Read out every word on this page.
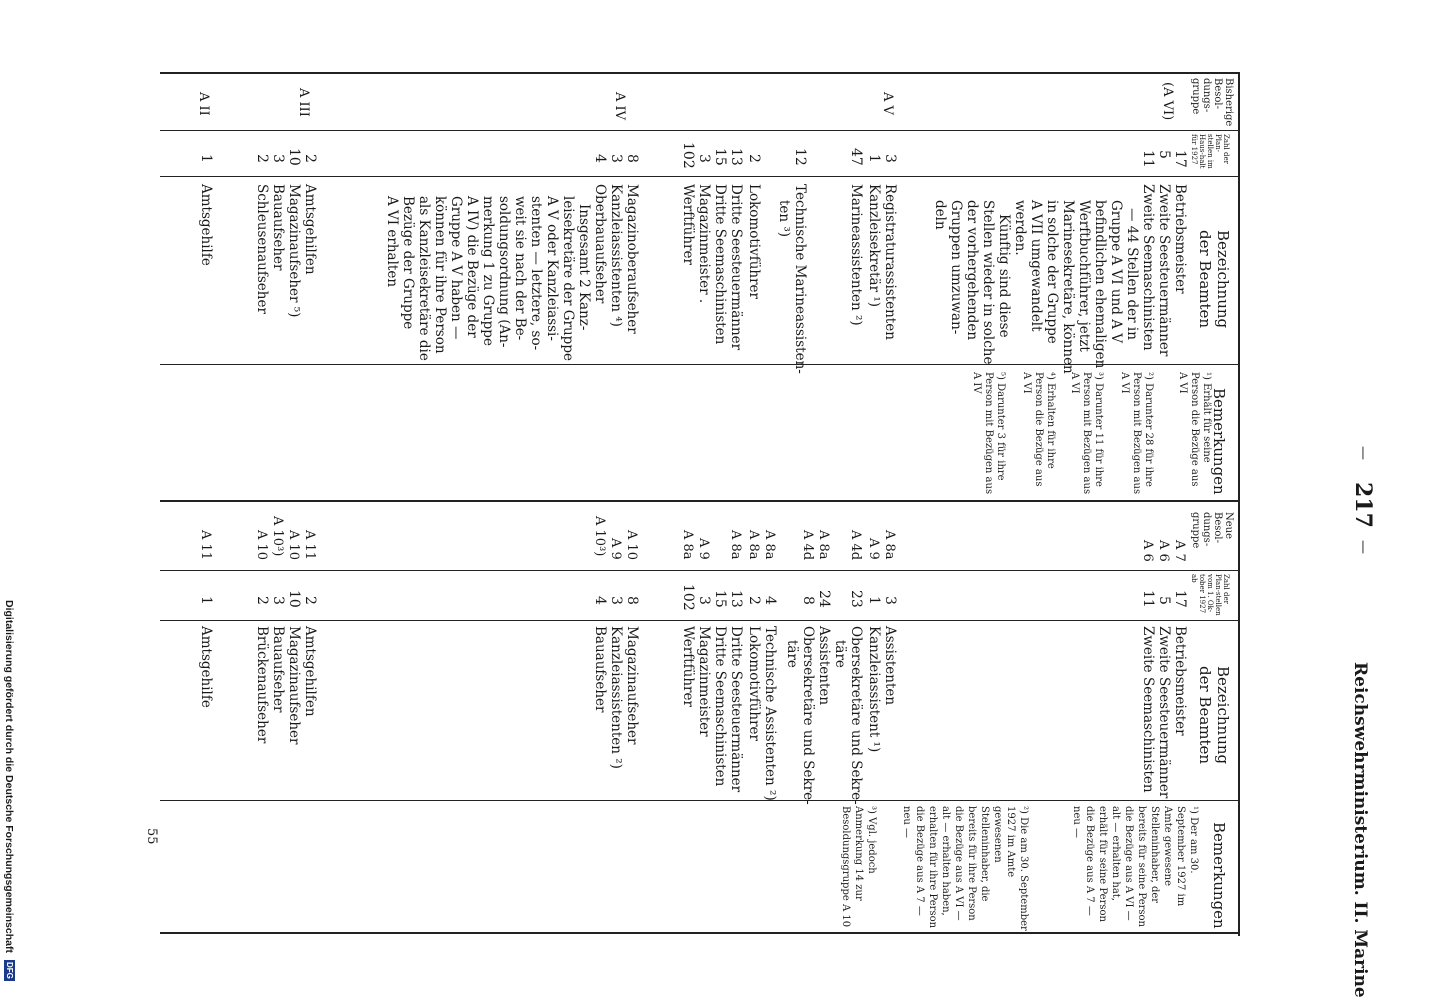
217
—
—
Reichswehrministerium. II. Marine
Bisherige Besol-dungs-gruppe
Zahl der Plan-stellen im Haus-halt für 1927
Bezeichnung der Beamten
Bemerkungen
Neue Besol-dungs-gruppe
Zahl der Plan-stellen vom 1. Ok-tober 1927 ab
Bezeichnung der Beamten
Bemerkungen
(A VI)
A V
A IV
A III
A II
17
5
11
3
1
47
12
2
13
15
3
102
8
3
4
2
10
3
2
1
Betriebsmeister
Zweite Seesteuermänner
Zweite Seemaschinisten
— 44 Stellen der in
Gruppe A VI und A V
befindlichen ehemaligen
Werftbuchführer, jetzt
Marinesekretäre, können
in solche der Gruppe
A VII umgewandelt
werden.
Künftig sind diese
Stellen wieder in solche
der vorhergehenden
Gruppen umzuwan-
deln
Registraturassistenten
Kanzleisekretär ¹)
Marineassistenten ²)
Technische Marineassisten-
ten ³)
Lokomotivführer
Dritte Seesteuermänner
Dritte Seemaschinisten
Magazinmeister .
Werftführer
Magazinoberaufseher
Kanzleiassistenten ⁴)
Oberbauaufseher
Insgesamt 2 Kanz-
leisekretäre der Gruppe
A V oder Kanzleiassi-
stenten — letztere, so-
weit sie nach der Be-
soldungsordnung (An-
merkung 1 zu Gruppe
A IV) die Bezüge der
Gruppe A V haben —
können für ihre Person
als Kanzleisekretäre die
Bezüge der Gruppe
A VI erhalten
Amtsgehilfen
Magazinaufseher ⁵)
Bauaufseher
Schleusenaufseher
Amtsgehilfe
¹) Erhält für seine Person die Bezüge aus A VI
²) Darunter 28 für ihre Person mit Bezügen aus A VI
³) Darunter 11 für ihre Person mit Bezügen aus A VI
⁴) Erhalten für ihre Person die Bezüge aus A VI
⁵) Darunter 3 für ihre Person mit Bezügen aus A IV
A 7
A 6
A 6
A 8a
A 9
A 4d
A 8a
A 4d
A 8a
A 8a
A 8a
A 9
A 8a
A 10
A 9
A 10³)
A 11
A 10
A 10³)
A 10
A 11
17
5
11
3
1
23
24
8
4
2
13
15
3
102
8
3
4
2
10
3
2
1
Betriebsmeister
Zweite Seesteuermänner
Zweite Seemaschinisten
Assistenten
Kanzleiassistent ¹)
Obersekretäre und Sekre-
täre
Assistenten
Obersekretäre und Sekre-
täre
Technische Assistenten ²)
Lokomotivführer
Dritte Seesteuermänner
Dritte Seemaschinisten
Magazinmeister
Werftführer
Magazinaufseher
Kanzleiassistenten ²)
Bauaufseher
Amtsgehilfen
Magazinaufseher
Bauaufseher
Brückenaufseher
Amtsgehilfe
¹) Der am 30. September 1927 im Amte gewesene Stelleninhaber, der bereits für seine Person die Bezüge aus A VI — alt — erhalten hat, erhält für seine Person die Bezüge aus A 7 — neu —
²) Die am 30. September 1927 im Amte gewesenen Stelleninhaber, die bereits für ihre Person die Bezüge aus A VI — alt — erhalten haben, erhalten für ihre Person die Bezüge aus A 7 — neu —
³) Vgl. jedoch Anmerkung 14 zur Besoldungsgruppe A 10
55
Digitalisierung gefördert durch die Deutsche Forschungsgemeinschaft DFG
